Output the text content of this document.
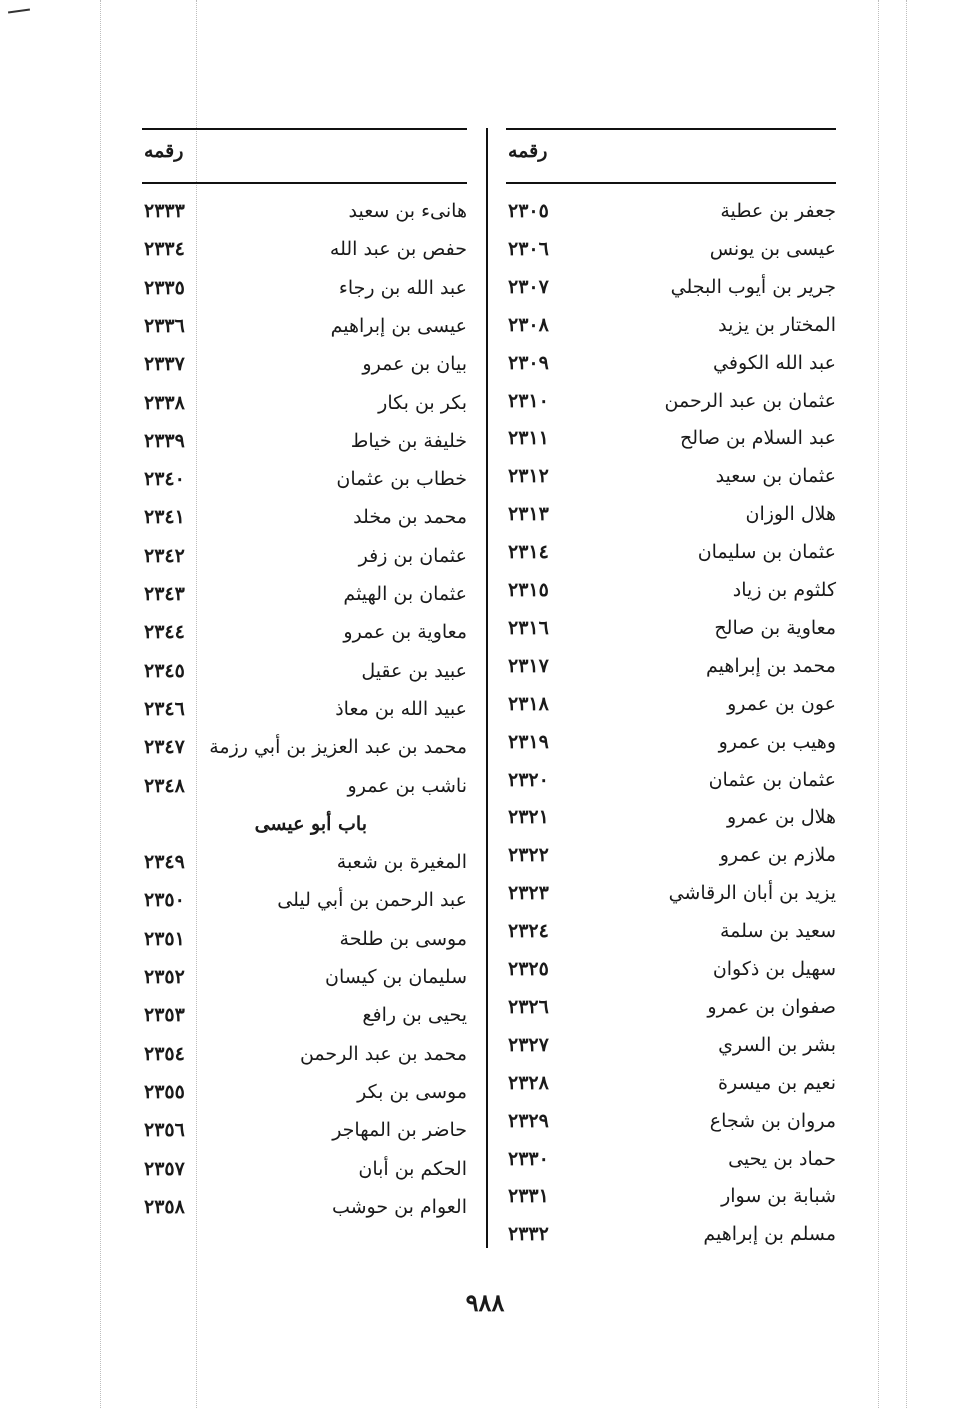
رقمه
جعفر بن عطية
٢٣٠٥
عيسى بن يونس
٢٣٠٦
جرير بن أيوب البجلي
٢٣٠٧
المختار بن يزيد
٢٣٠٨
عبد الله الكوفي
٢٣٠٩
عثمان بن عبد الرحمن
٢٣١٠
عبد السلام بن صالح
٢٣١١
عثمان بن سعيد
٢٣١٢
هلال الوزان
٢٣١٣
عثمان بن سليمان
٢٣١٤
كلثوم بن زياد
٢٣١٥
معاوية بن صالح
٢٣١٦
محمد بن إبراهيم
٢٣١٧
عون بن عمرو
٢٣١٨
وهيب بن عمرو
٢٣١٩
عثمان بن عثمان
٢٣٢٠
هلال بن عمرو
٢٣٢١
ملازم بن عمرو
٢٣٢٢
يزيد بن أبان الرقاشي
٢٣٢٣
سعيد بن سلمة
٢٣٢٤
سهيل بن ذكوان
٢٣٢٥
صفوان بن عمرو
٢٣٢٦
بشر بن السري
٢٣٢٧
نعيم بن ميسرة
٢٣٢٨
مروان بن شجاع
٢٣٢٩
حماد بن يحيى
٢٣٣٠
شبابة بن سوار
٢٣٣١
مسلم بن إبراهيم
٢٣٣٢
رقمه
هانىء بن سعيد
٢٣٣٣
حفص بن عبد الله
٢٣٣٤
عبد الله بن رجاء
٢٣٣٥
عيسى بن إبراهيم
٢٣٣٦
بيان بن عمرو
٢٣٣٧
بكر بن بكار
٢٣٣٨
خليفة بن خياط
٢٣٣٩
خطاب بن عثمان
٢٣٤٠
محمد بن مخلد
٢٣٤١
عثمان بن زفر
٢٣٤٢
عثمان بن الهيثم
٢٣٤٣
معاوية بن عمرو
٢٣٤٤
عبيد بن عقيل
٢٣٤٥
عبيد الله بن معاذ
٢٣٤٦
محمد بن عبد العزيز بن أبي رزمة
٢٣٤٧
ناشب بن عمرو
٢٣٤٨
باب أبو عيسى
المغيرة بن شعبة
٢٣٤٩
عبد الرحمن بن أبي ليلى
٢٣٥٠
موسى بن طلحة
٢٣٥١
سليمان بن كيسان
٢٣٥٢
يحيى بن رافع
٢٣٥٣
محمد بن عبد الرحمن
٢٣٥٤
موسى بن بكر
٢٣٥٥
حاضر بن المهاجر
٢٣٥٦
الحكم بن أبان
٢٣٥٧
العوام بن حوشب
٢٣٥٨
٩٨٨
